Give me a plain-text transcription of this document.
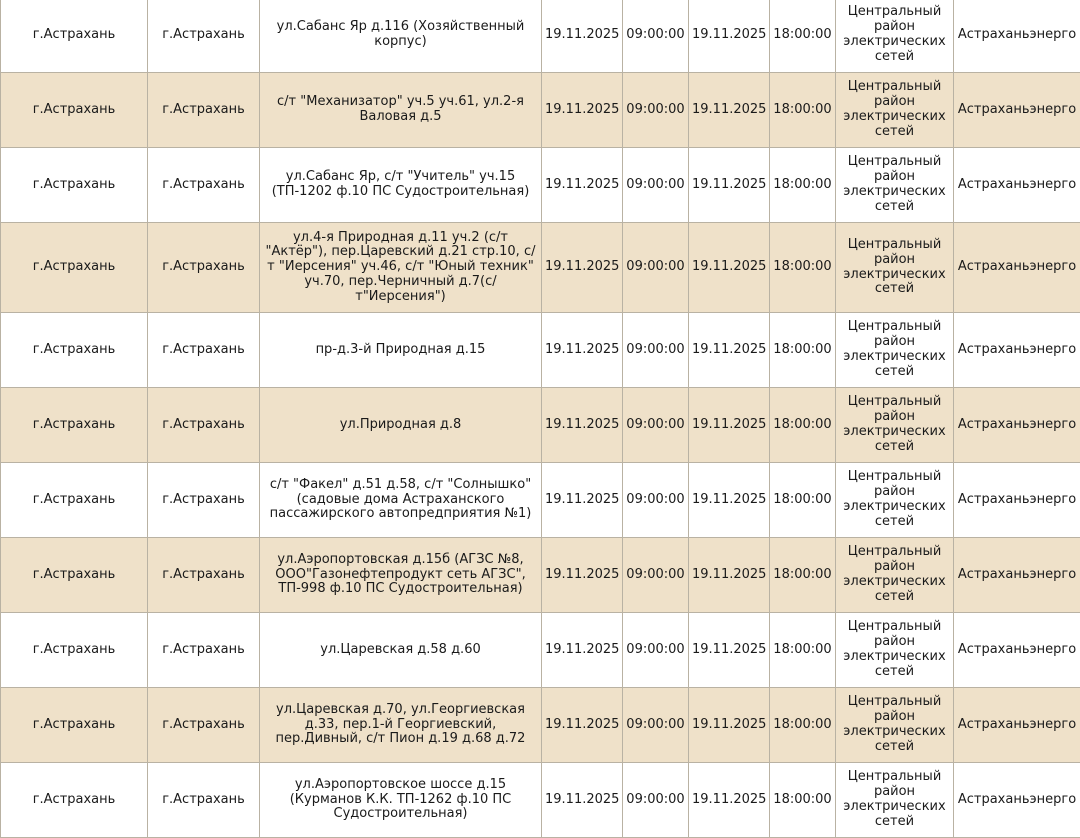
г.Астрахань	г.Астрахань	ул.Сабанс Яр д.116 (Хозяйственный корпус)	19.11.2025	09:00:00	19.11.2025	18:00:00	Центральный район электрических сетей	Астраханьэнерго
г.Астрахань	г.Астрахань	с/т "Механизатор" уч.5 уч.61, ул.2-я Валовая д.5	19.11.2025	09:00:00	19.11.2025	18:00:00	Центральный район электрических сетей	Астраханьэнерго
г.Астрахань	г.Астрахань	ул.Сабанс Яр, с/т "Учитель" уч.15 (ТП-1202 ф.10 ПС Судостроительная)	19.11.2025	09:00:00	19.11.2025	18:00:00	Центральный район электрических сетей	Астраханьэнерго
г.Астрахань	г.Астрахань	ул.4-я Природная д.11 уч.2 (с/т "Актёр"), пер.Царевский д.21 стр.10, с/т "Иерсения" уч.46, с/т "Юный техник" уч.70, пер.Черничный д.7(с/т"Иерсения")	19.11.2025	09:00:00	19.11.2025	18:00:00	Центральный район электрических сетей	Астраханьэнерго
г.Астрахань	г.Астрахань	пр-д.3-й Природная д.15	19.11.2025	09:00:00	19.11.2025	18:00:00	Центральный район электрических сетей	Астраханьэнерго
г.Астрахань	г.Астрахань	ул.Природная д.8	19.11.2025	09:00:00	19.11.2025	18:00:00	Центральный район электрических сетей	Астраханьэнерго
г.Астрахань	г.Астрахань	с/т "Факел" д.51 д.58, с/т "Солнышко" (садовые дома Астраханского пассажирского автопредприятия №1)	19.11.2025	09:00:00	19.11.2025	18:00:00	Центральный район электрических сетей	Астраханьэнерго
г.Астрахань	г.Астрахань	ул.Аэропортовская д.15б (АГЗС №8, ООО"Газонефтепродукт сеть АГЗС", ТП-998 ф.10 ПС Судостроительная)	19.11.2025	09:00:00	19.11.2025	18:00:00	Центральный район электрических сетей	Астраханьэнерго
г.Астрахань	г.Астрахань	ул.Царевская д.58 д.60	19.11.2025	09:00:00	19.11.2025	18:00:00	Центральный район электрических сетей	Астраханьэнерго
г.Астрахань	г.Астрахань	ул.Царевская д.70, ул.Георгиевская д.33, пер.1-й Георгиевский, пер.Дивный, с/т Пион д.19 д.68 д.72	19.11.2025	09:00:00	19.11.2025	18:00:00	Центральный район электрических сетей	Астраханьэнерго
г.Астрахань	г.Астрахань	ул.Аэропортовское шоссе д.15 (Курманов К.К. ТП-1262 ф.10 ПС Судостроительная)	19.11.2025	09:00:00	19.11.2025	18:00:00	Центральный район электрических сетей	Астраханьэнерго
